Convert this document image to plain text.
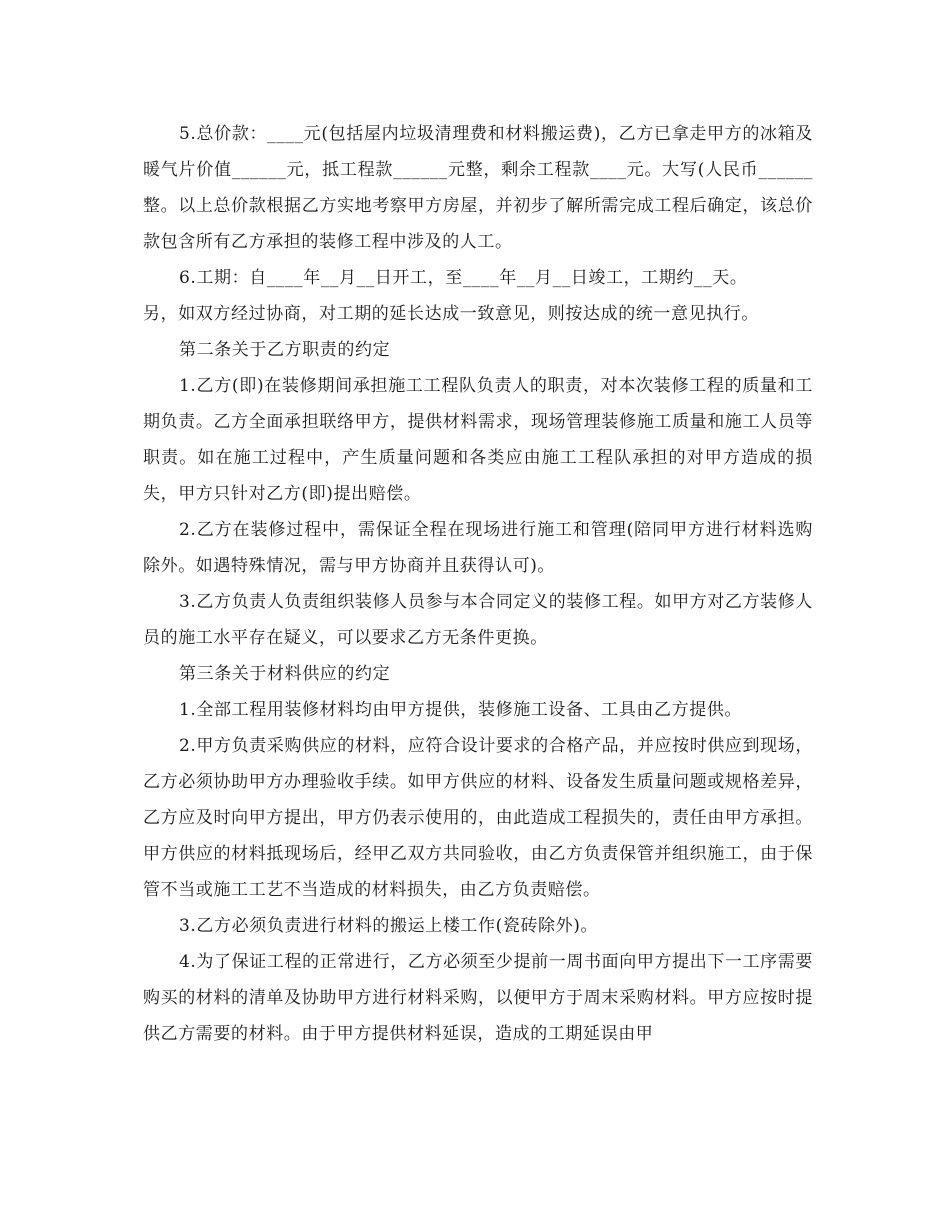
5.总价款：____元(包括屋内垃圾清理费和材料搬运费)，乙方已拿走甲方的冰箱及暖气片价值______元，抵工程款______元整，剩余工程款____元。大写(人民币______整。以上总价款根据乙方实地考察甲方房屋，并初步了解所需完成工程后确定，该总价款包含所有乙方承担的装修工程中涉及的人工。

6.工期：自____年__月__日开工，至____年__月__日竣工，工期约__天。

另，如双方经过协商，对工期的延长达成一致意见，则按达成的统一意见执行。

第二条关于乙方职责的约定

1.乙方(即)在装修期间承担施工工程队负责人的职责，对本次装修工程的质量和工期负责。乙方全面承担联络甲方，提供材料需求，现场管理装修施工质量和施工人员等职责。如在施工过程中，产生质量问题和各类应由施工工程队承担的对甲方造成的损失，甲方只针对乙方(即)提出赔偿。

2.乙方在装修过程中，需保证全程在现场进行施工和管理(陪同甲方进行材料选购除外。如遇特殊情况，需与甲方协商并且获得认可)。

3.乙方负责人负责组织装修人员参与本合同定义的装修工程。如甲方对乙方装修人员的施工水平存在疑义，可以要求乙方无条件更换。

第三条关于材料供应的约定

1.全部工程用装修材料均由甲方提供，装修施工设备、工具由乙方提供。

2.甲方负责采购供应的材料，应符合设计要求的合格产品，并应按时供应到现场，乙方必须协助甲方办理验收手续。如甲方供应的材料、设备发生质量问题或规格差异，乙方应及时向甲方提出，甲方仍表示使用的，由此造成工程损失的，责任由甲方承担。甲方供应的材料抵现场后，经甲乙双方共同验收，由乙方负责保管并组织施工，由于保管不当或施工工艺不当造成的材料损失，由乙方负责赔偿。

3.乙方必须负责进行材料的搬运上楼工作(瓷砖除外)。

4.为了保证工程的正常进行，乙方必须至少提前一周书面向甲方提出下一工序需要购买的材料的清单及协助甲方进行材料采购，以便甲方于周末采购材料。甲方应按时提供乙方需要的材料。由于甲方提供材料延误，造成的工期延误由甲
